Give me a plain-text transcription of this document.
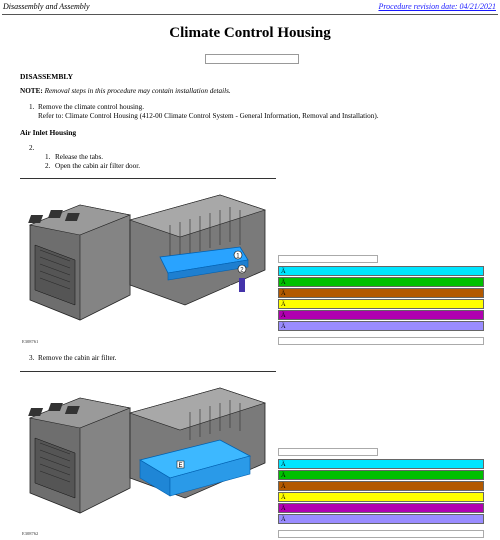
Disassembly and Assembly	Procedure revision date: 04/21/2021
Climate Control Housing
DISASSEMBLY
NOTE: Removal steps in this procedure may contain installation details.
1. Remove the climate control housing.
Refer to: Climate Control Housing (412-00 Climate Control System - General Information, Removal and Installation).
Air Inlet Housing
2.
1. Release the tabs.
2. Open the cabin air filter door.
1
2
E
E308761
Ã
Ã
Ã
Ã
Ã
Ã
3. Remove the cabin air filter.
E
E308762
Ã
Ã
Ã
Ã
Ã
Ã
